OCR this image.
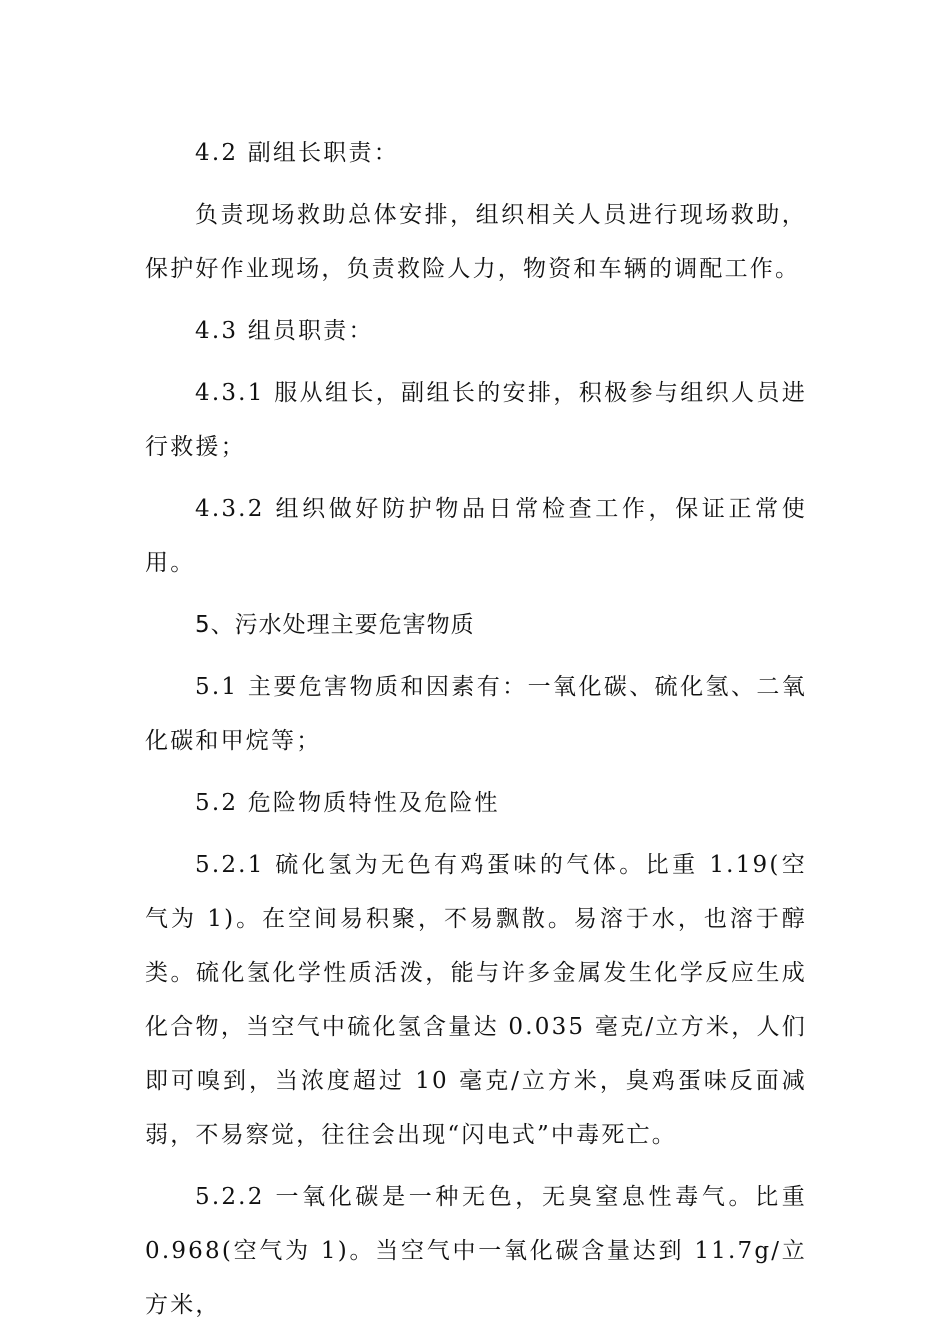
4.2 副组长职责：

负责现场救助总体安排，组织相关人员进行现场救助，保护好作业现场，负责救险人力，物资和车辆的调配工作。

4.3 组员职责：

4.3.1 服从组长，副组长的安排，积极参与组织人员进行救援；

4.3.2 组织做好防护物品日常检查工作，保证正常使用。

5、污水处理主要危害物质

5.1 主要危害物质和因素有：一氧化碳、硫化氢、二氧化碳和甲烷等；

5.2 危险物质特性及危险性

5.2.1 硫化氢为无色有鸡蛋味的气体。比重 1.19(空气为 1)。在空间易积聚，不易飘散。易溶于水，也溶于醇类。硫化氢化学性质活泼，能与许多金属发生化学反应生成化合物，当空气中硫化氢含量达 0.035 毫克/立方米，人们即可嗅到，当浓度超过 10 毫克/立方米，臭鸡蛋味反面减弱，不易察觉，往往会出现“闪电式”中毒死亡。

5.2.2 一氧化碳是一种无色，无臭窒息性毒气。比重 0.968(空气为 1)。当空气中一氧化碳含量达到 11.7g/立方米，
